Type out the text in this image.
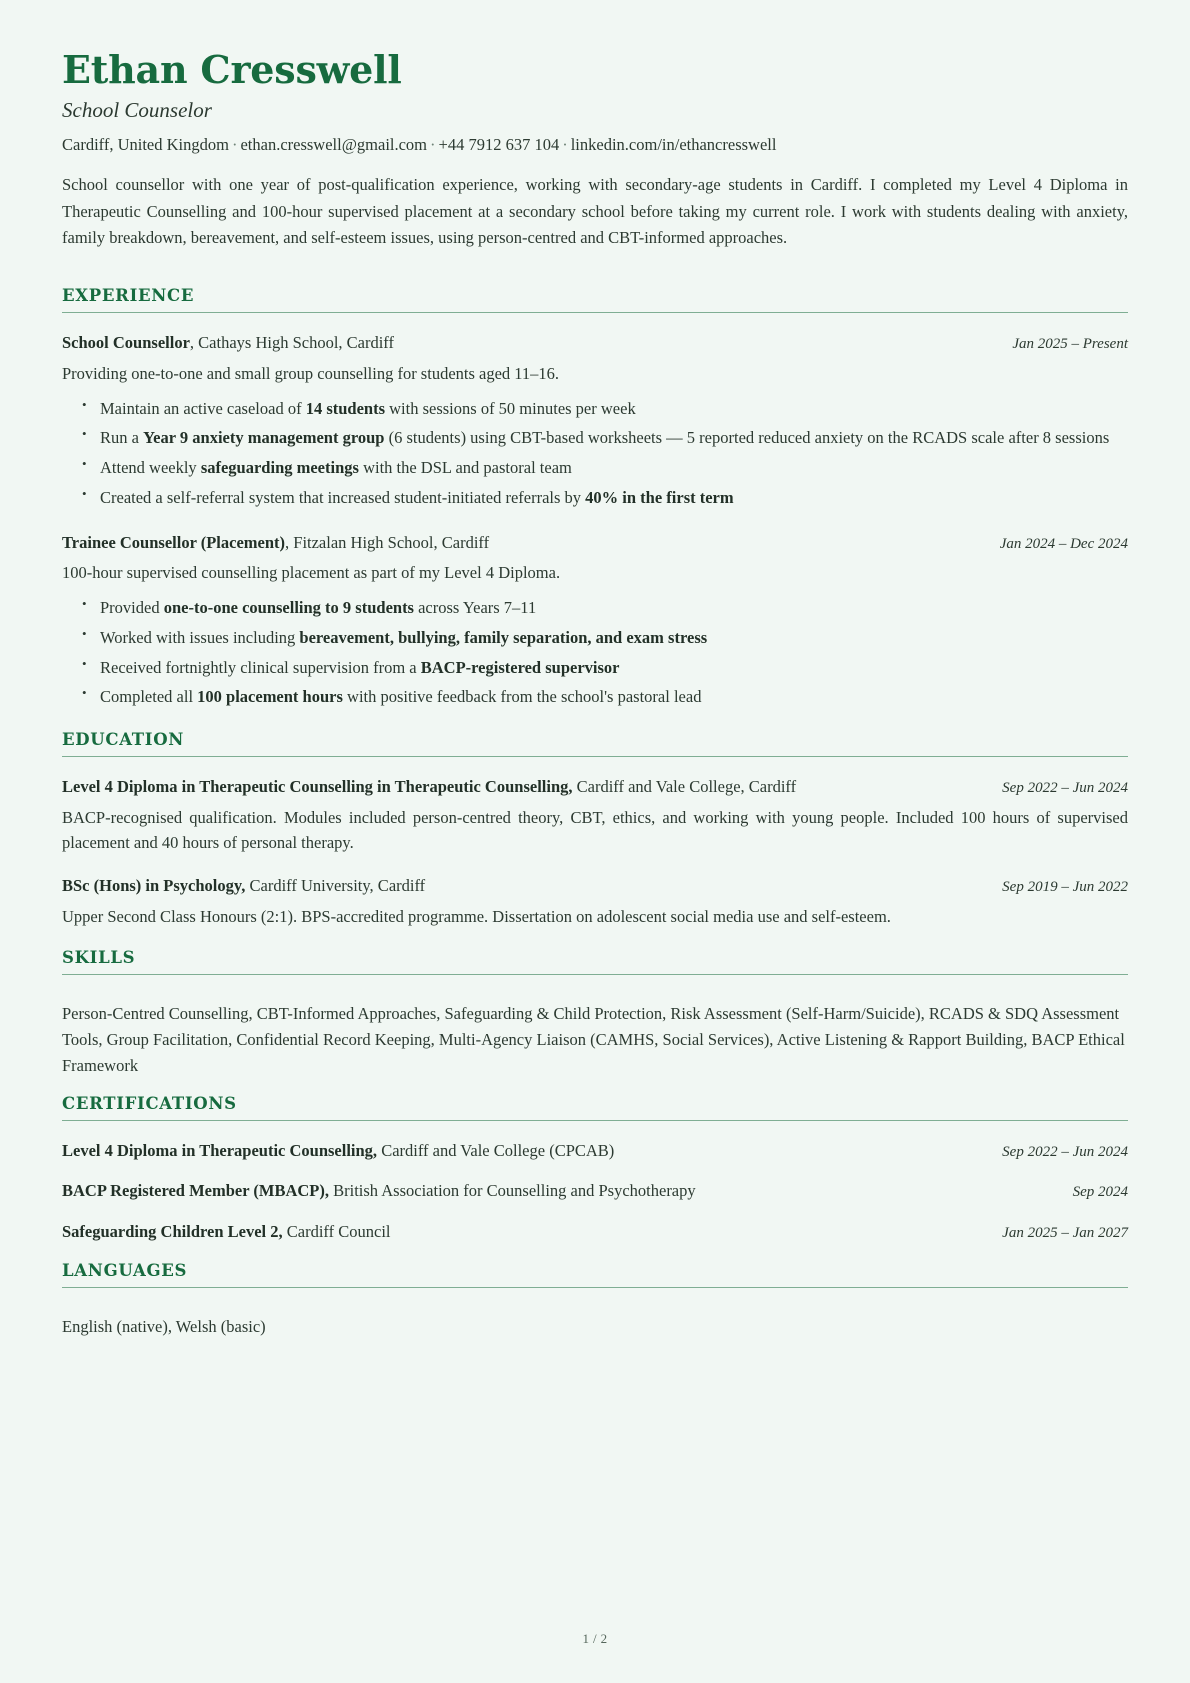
Ethan Cresswell
School Counselor
Cardiff, United Kingdom · ethan.cresswell@gmail.com · +44 7912 637 104 · linkedin.com/in/ethancresswell

School counsellor with one year of post-qualification experience, working with secondary-age students in Cardiff. I completed my Level 4 Diploma in Therapeutic Counselling and 100-hour supervised placement at a secondary school before taking my current role. I work with students dealing with anxiety, family breakdown, bereavement, and self-esteem issues, using person-centred and CBT-informed approaches.

EXPERIENCE
School Counsellor, Cathays High School, Cardiff	Jan 2025 – Present
Providing one-to-one and small group counselling for students aged 11–16.
• Maintain an active caseload of 14 students with sessions of 50 minutes per week
• Run a Year 9 anxiety management group (6 students) using CBT-based worksheets — 5 reported reduced anxiety on the RCADS scale after 8 sessions
• Attend weekly safeguarding meetings with the DSL and pastoral team
• Created a self-referral system that increased student-initiated referrals by 40% in the first term
Trainee Counsellor (Placement), Fitzalan High School, Cardiff	Jan 2024 – Dec 2024
100-hour supervised counselling placement as part of my Level 4 Diploma.
• Provided one-to-one counselling to 9 students across Years 7–11
• Worked with issues including bereavement, bullying, family separation, and exam stress
• Received fortnightly clinical supervision from a BACP-registered supervisor
• Completed all 100 placement hours with positive feedback from the school's pastoral lead
EDUCATION
Level 4 Diploma in Therapeutic Counselling in Therapeutic Counselling, Cardiff and Vale College, Cardiff	Sep 2022 – Jun 2024
BACP-recognised qualification. Modules included person-centred theory, CBT, ethics, and working with young people. Included 100 hours of supervised placement and 40 hours of personal therapy.
BSc (Hons) in Psychology, Cardiff University, Cardiff	Sep 2019 – Jun 2022
Upper Second Class Honours (2:1). BPS-accredited programme. Dissertation on adolescent social media use and self-esteem.
SKILLS
Person-Centred Counselling, CBT-Informed Approaches, Safeguarding & Child Protection, Risk Assessment (Self-Harm/Suicide), RCADS & SDQ Assessment Tools, Group Facilitation, Confidential Record Keeping, Multi-Agency Liaison (CAMHS, Social Services), Active Listening & Rapport Building, BACP Ethical Framework
CERTIFICATIONS
Level 4 Diploma in Therapeutic Counselling, Cardiff and Vale College (CPCAB)	Sep 2022 – Jun 2024
BACP Registered Member (MBACP), British Association for Counselling and Psychotherapy	Sep 2024
Safeguarding Children Level 2, Cardiff Council	Jan 2025 – Jan 2027
LANGUAGES
English (native), Welsh (basic)
1 / 2
